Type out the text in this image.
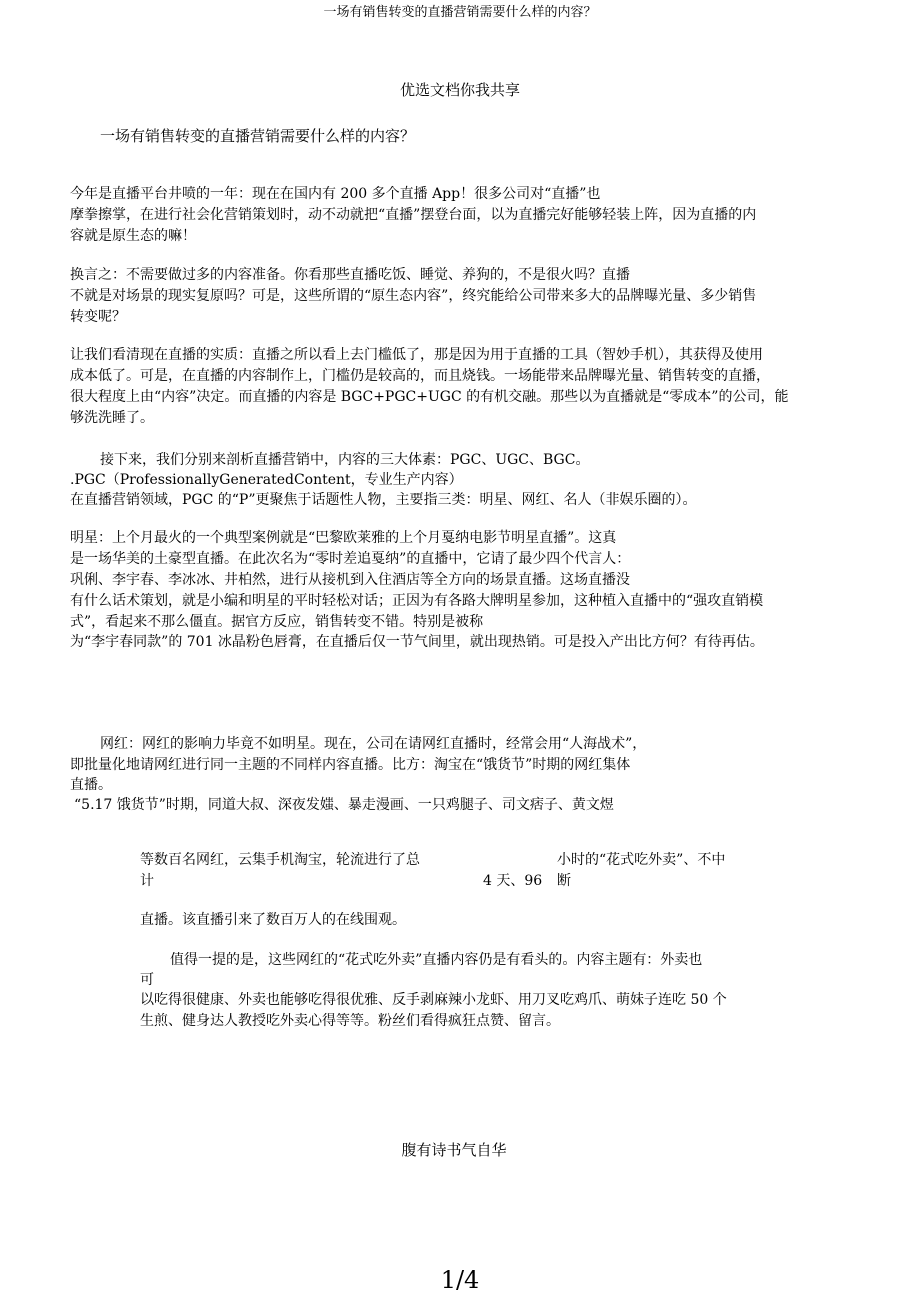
一场有销售转变的直播营销需要什么样的内容？
优选文档你我共享
一场有销售转变的直播营销需要什么样的内容？
今年是直播平台井喷的一年：现在在国内有 200 多个直播 App！很多公司对“直播”也
摩拳擦掌，在进行社会化营销策划时，动不动就把“直播”摆登台面，以为直播完好能够轻装上阵，因为直播的内
容就是原生态的嘛！
换言之：不需要做过多的内容准备。你看那些直播吃饭、睡觉、养狗的，不是很火吗？直播
不就是对场景的现实复原吗？可是，这些所谓的“原生态内容”，终究能给公司带来多大的品牌曝光量、多少销售
转变呢？
让我们看清现在直播的实质：直播之所以看上去门槛低了，那是因为用于直播的工具（智妙手机），其获得及使用
成本低了。可是，在直播的内容制作上，门槛仍是较高的，而且烧钱。一场能带来品牌曝光量、销售转变的直播，
很大程度上由“内容”决定。而直播的内容是 BGC+PGC+UGC 的有机交融。那些以为直播就是“零成本”的公司，能
够洗洗睡了。
接下来，我们分别来剖析直播营销中，内容的三大体素：PGC、UGC、BGC。
.PGC（ProfessionallyGeneratedContent，专业生产内容）
在直播营销领域，PGC 的“P”更聚焦于话题性人物，主要指三类：明星、网红、名人（非娱乐圈的）。
明星：上个月最火的一个典型案例就是“巴黎欧莱雅的上个月戛纳电影节明星直播”。这真
是一场华美的土豪型直播。在此次名为“零时差追戛纳”的直播中，它请了最少四个代言人：
巩俐、李宇春、李冰冰、井柏然，进行从接机到入住酒店等全方向的场景直播。这场直播没
有什么话术策划，就是小编和明星的平时轻松对话；正因为有各路大牌明星参加，这种植入直播中的“强攻直销模
式”，看起来不那么僵直。据官方反应，销售转变不错。特别是被称
为“李宇春同款”的 701 冰晶粉色唇膏，在直播后仅一节气间里，就出现热销。可是投入产出比方何？有待再估。
网红：网红的影响力毕竟不如明星。现在，公司在请网红直播时，经常会用“人海战术”，
即批量化地请网红进行同一主题的不同样内容直播。比方：淘宝在“饿货节”时期的网红集体
直播。
“5.17 饿货节”时期，同道大叔、深夜发媸、暴走漫画、一只鸡腿子、司文痞子、黄文煜
等数百名网红，云集手机淘宝，轮流进行了总
计	4 天、96
小时的“花式吃外卖”、不中
断
直播。该直播引来了数百万人的在线围观。
值得一提的是，这些网红的“花式吃外卖”直播内容仍是有看头的。内容主题有：外卖也
可
以吃得很健康、外卖也能够吃得很优雅、反手剥麻辣小龙虾、用刀叉吃鸡爪、萌妹子连吃 50 个
生煎、健身达人教授吃外卖心得等等。粉丝们看得疯狂点赞、留言。
腹有诗书气自华
1/4
